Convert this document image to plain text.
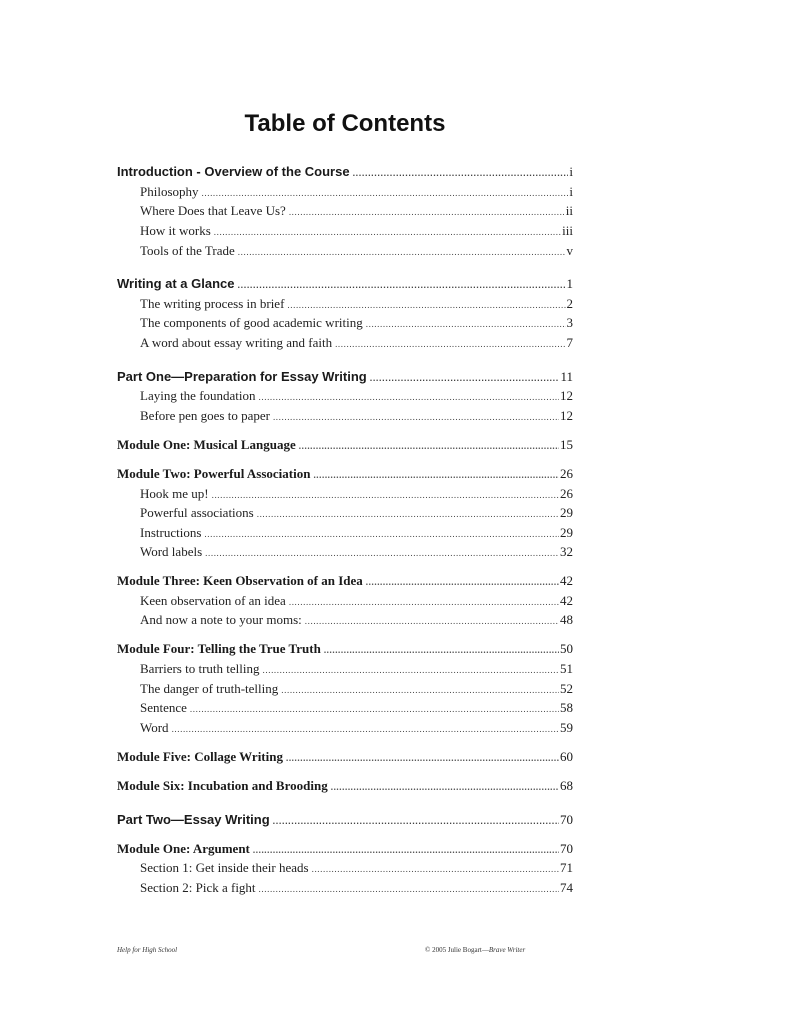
Table of Contents
Introduction - Overview of the Course .....	i
Philosophy .....	i
Where Does that Leave Us? .....	ii
How it works .....	iii
Tools of the Trade .....	v
Writing at a Glance .....	1
The writing process in brief .....	2
The components of good academic writing .....	3
A word about essay writing and faith .....	7
Part One—Preparation for Essay Writing .....	11
Laying the foundation .....	12
Before pen goes to paper .....	12
Module One: Musical Language .....	15
Module Two: Powerful Association .....	26
Hook me up! .....	26
Powerful associations .....	29
Instructions .....	29
Word labels .....	32
Module Three: Keen Observation of an Idea .....	42
Keen observation of an idea .....	42
And now a note to your moms: .....	48
Module Four: Telling the True Truth .....	50
Barriers to truth telling .....	51
The danger of truth-telling .....	52
Sentence .....	58
Word .....	59
Module Five: Collage Writing .....	60
Module Six: Incubation and Brooding .....	68
Part Two—Essay Writing .....	70
Module One: Argument .....	70
Section 1: Get inside their heads .....	71
Section 2: Pick a fight .....	74
Help for High School	© 2005 Julie Bogart—Brave Writer
